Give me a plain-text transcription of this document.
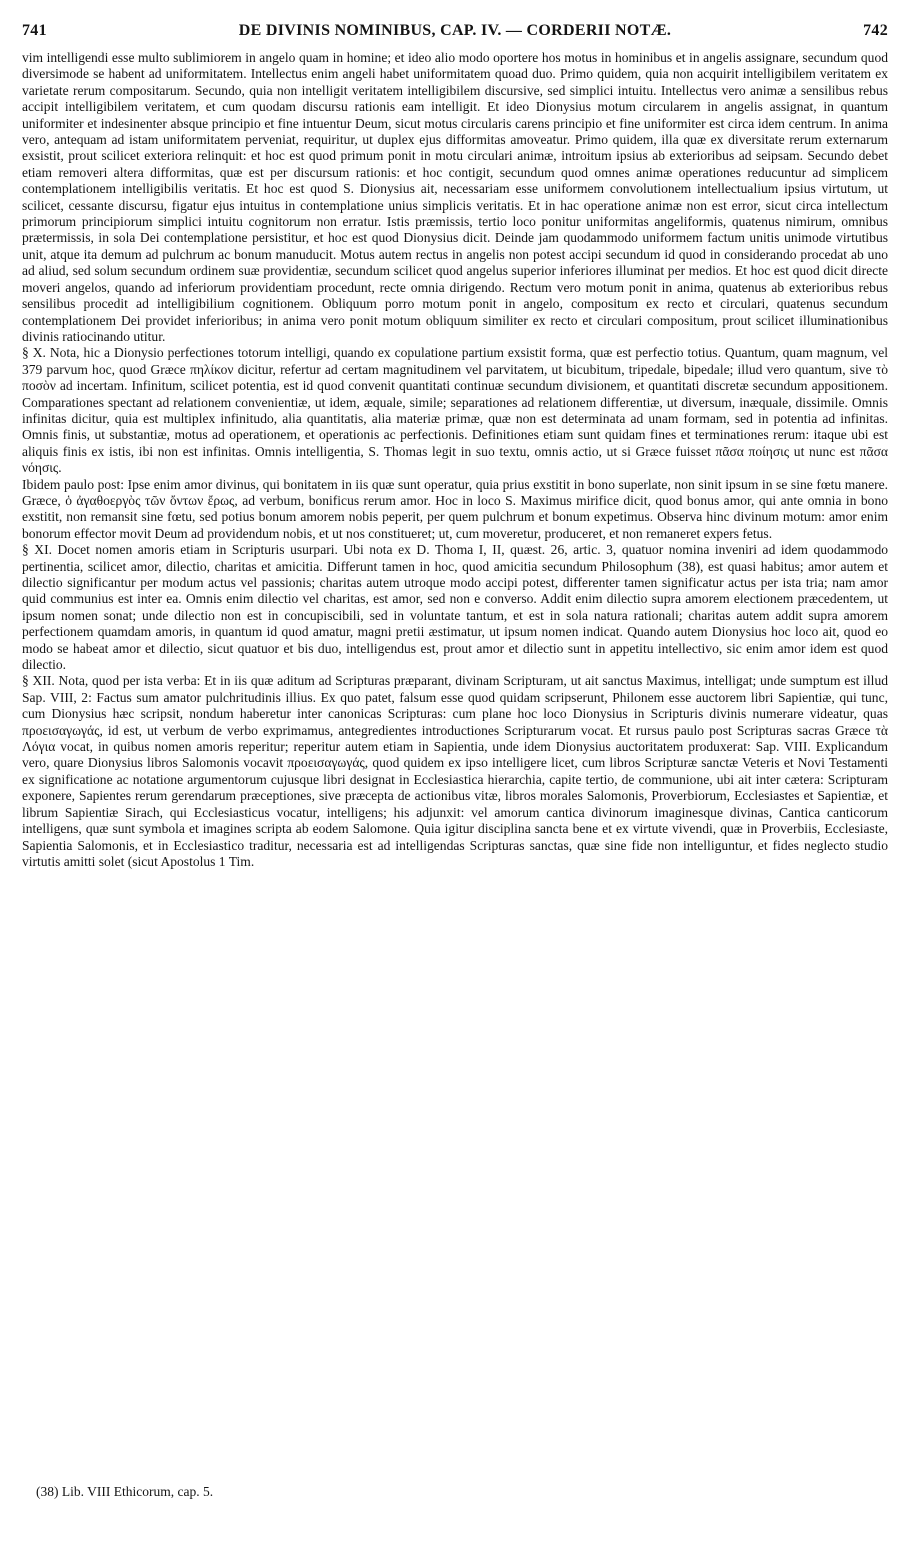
741	DE DIVINIS NOMINIBUS, CAP. IV. — CORDERII NOTÆ.	742

vim intelligendi esse multo sublimiorem in angelo quam in homine; et ideo alio modo oportere hos motus in hominibus et in angelis assignare, secundum quod diversimode se habent ad uniformitatem. Intellectus enim angeli habet uniformitatem quoad duo. Primo quidem, quia non acquirit intelligibilem veritatem ex varietate rerum compositarum. Secundo, quia non intelligit veritatem intelligibilem discursive, sed simplici intuitu. Intellectus vero animæ a sensilibus rebus accipit intelligibilem veritatem, et cum quodam discursu rationis eam intelligit. Et ideo Dionysius motum circularem in angelis assignat, in quantum uniformiter et indesinenter absque principio et fine intuentur Deum, sicut motus circularis carens principio et fine uniformiter est circa idem centrum. In anima vero, antequam ad istam uniformitatem perveniat, requiritur, ut duplex ejus difformitas amoveatur. Primo quidem, illa quæ ex diversitate rerum externarum exsistit, prout scilicet exteriora relinquit: et hoc est quod primum ponit in motu circulari animæ, introitum ipsius ab exterioribus ad seipsam. Secundo debet etiam removeri altera difformitas, quæ est per discursum rationis: et hoc contigit, secundum quod omnes animæ operationes reducuntur ad simplicem contemplationem intelligibilis veritatis. Et hoc est quod S. Dionysius ait, necessariam esse uniformem convolutionem intellectualium ipsius virtutum, ut scilicet, cessante discursu, figatur ejus intuitus in contemplatione unius simplicis veritatis. Et in hac operatione animæ non est error, sicut circa intellectum primorum principiorum simplici intuitu cognitorum non erratur. Istis præmissis, tertio loco ponitur uniformitas angeliformis, quatenus nimirum, omnibus prætermissis, in sola Dei contemplatione persistitur, et hoc est quod Dionysius dicit. Deinde jam quodammodo uniformem factum unitis unimode virtutibus unit, atque ita demum ad pulchrum ac bonum manuducit. Motus autem rectus in angelis non potest accipi secundum id quod in considerando procedat ab uno ad aliud, sed solum secundum ordinem suæ providentiæ, secundum scilicet quod angelus superior inferiores illuminat per medios. Et hoc est quod dicit directe moveri angelos, quando ad inferiorum providentiam procedunt, recte omnia dirigendo. Rectum vero motum ponit in anima, quatenus ab exterioribus rebus sensilibus procedit ad intelligibilium cognitionem. Obliquum porro motum ponit in angelo, compositum ex recto et circulari, quatenus secundum contemplationem Dei providet inferioribus; in anima vero ponit motum obliquum similiter ex recto et circulari compositum, prout scilicet illuminationibus divinis ratiocinando utitur.

§ X. Nota, hic a Dionysio perfectiones totorum intelligi, quando ex copulatione partium exsistit forma, quæ est perfectio totius. Quantum, quam magnum, vel 379 parvum hoc, quod Græce πηλίκον dicitur, refertur ad certam magnitudinem vel parvitatem, ut bicubitum, tripedale, bipedale; illud vero quantum, sive τὸ ποσὸν ad incertam. Infinitum, scilicet potentia, est id quod convenit quantitati continuæ secundum divisionem, et quantitati discretæ secundum appositionem. Comparationes spectant ad relationem convenientiæ, ut idem, æquale, simile; separationes ad relationem differentiæ, ut diversum, inæquale, dissimile. Omnis infinitas dicitur, quia est multiplex infinitudo, alia quantitatis, alia materiæ primæ, quæ non est determinata ad unam formam, sed in potentia ad infinitas. Omnis finis, ut substantiæ, motus ad operationem, et operationis ac perfectionis. Definitiones etiam sunt quidam fines et terminationes rerum: itaque ubi est aliquis finis ex istis, ibi non est infinitas. Omnis intelligentia, S. Thomas legit in suo textu, omnis actio, ut si Græce fuisset πᾶσα ποίησις ut nunc est πᾶσα νόησις.

Ibidem paulo post: Ipse enim amor divinus, qui bonitatem in iis quæ sunt operatur, quia prius exstitit in bono superlate, non sinit ipsum in se sine fœtu manere. Græce, ὁ ἀγαθοεργὸς τῶν ὄντων ἔρως, ad verbum, bonificus rerum amor. Hoc in loco S. Maximus mirifice dicit, quod bonus amor, qui ante omnia in bono exstitit, non remansit sine fœtu, sed potius bonum amorem nobis peperit, per quem pulchrum et bonum expetimus. Observa hinc divinum motum: amor enim bonorum effector movit Deum ad providendum nobis, et ut nos constitueret; ut, cum moveretur, produceret, et non remaneret expers fetus.

§ XI. Docet nomen amoris etiam in Scripturis usurpari. Ubi nota ex D. Thoma I, II, quæst. 26, artic. 3, quatuor nomina inveniri ad idem quodammodo pertinentia, scilicet amor, dilectio, charitas et amicitia. Differunt tamen in hoc, quod amicitia secundum Philosophum (38), est quasi habitus; amor autem et dilectio significantur per modum actus vel passionis; charitas autem utroque modo accipi potest, differenter tamen significatur actus per ista tria; nam amor quid communius est inter ea. Omnis enim dilectio vel charitas, est amor, sed non e converso. Addit enim dilectio supra amorem electionem præcedentem, ut ipsum nomen sonat; unde dilectio non est in concupiscibili, sed in voluntate tantum, et est in sola natura rationali; charitas autem addit supra amorem perfectionem quamdam amoris, in quantum id quod amatur, magni pretii æstimatur, ut ipsum nomen indicat. Quando autem Dionysius hoc loco ait, quod eo modo se habeat amor et dilectio, sicut quatuor et bis duo, intelligendus est, prout amor et dilectio sunt in appetitu intellectivo, sic enim amor idem est quod dilectio.

§ XII. Nota, quod per ista verba: Et in iis quæ aditum ad Scripturas præparant, divinam Scripturam, ut ait sanctus Maximus, intelligat; unde sumptum est illud Sap. VIII, 2: Factus sum amator pulchritudinis illius. Ex quo patet, falsum esse quod quidam scripserunt, Philonem esse auctorem libri Sapientiæ, qui tunc, cum Dionysius hæc scripsit, nondum haberetur inter canonicas Scripturas: cum plane hoc loco Dionysius in Scripturis divinis numerare videatur, quas προεισαγωγάς, id est, ut verbum de verbo exprimamus, antegredientes introductiones Scripturarum vocat. Et rursus paulo post Scripturas sacras Græce τὰ Λόγια vocat, in quibus nomen amoris reperitur; reperitur autem etiam in Sapientia, unde idem Dionysius auctoritatem produxerat: Sap. VIII. Explicandum vero, quare Dionysius libros Salomonis vocavit προεισαγωγάς, quod quidem ex ipso intelligere licet, cum libros Scripturæ sanctæ Veteris et Novi Testamenti ex significatione ac notatione argumentorum cujusque libri designat in Ecclesiastica hierarchia, capite tertio, de communione, ubi ait inter cætera: Scripturam exponere, Sapientes rerum gerendarum præceptiones, sive præcepta de actionibus vitæ, libros morales Salomonis, Proverbiorum, Ecclesiastes et Sapientiæ, et librum Sapientiæ Sirach, qui Ecclesiasticus vocatur, intelligens; his adjunxit: vel amorum cantica divinorum imaginesque divinas, Cantica canticorum intelligens, quæ sunt symbola et imagines scripta ab eodem Salomone. Quia igitur disciplina sancta bene et ex virtute vivendi, quæ in Proverbiis, Ecclesiaste, Sapientia Salomonis, et in Ecclesiastico traditur, necessaria est ad intelligendas Scripturas sanctas, quæ sine fide non intelliguntur, et fides neglecto studio virtutis amitti solet (sicut Apostolus 1 Tim.

(38) Lib. VIII Ethicorum, cap. 5.
